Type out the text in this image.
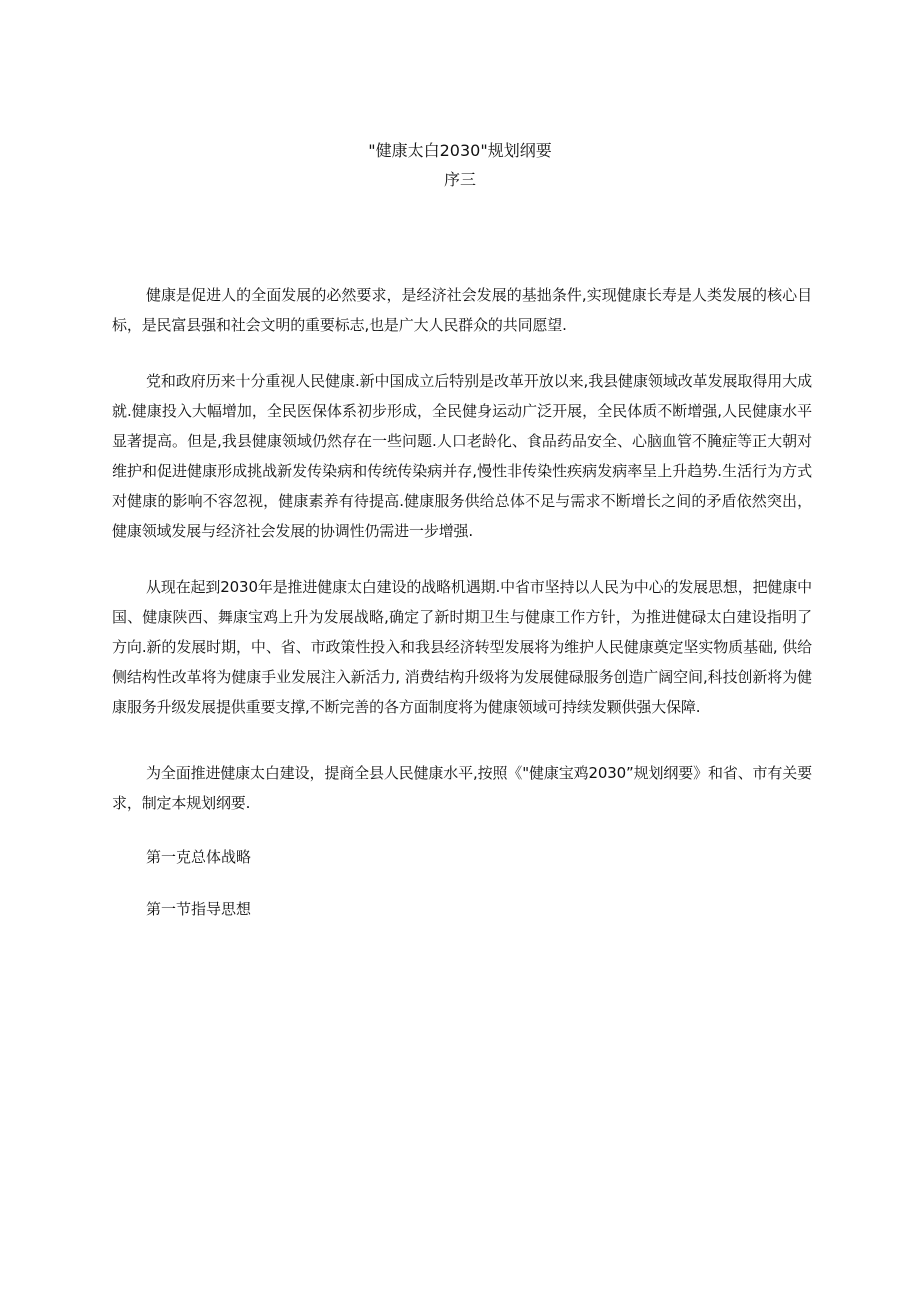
"健康太白2030"规划纲要
序三

健康是促进人的全面发展的必然要求，是经济社会发展的基拙条件,实现健康长寿是人类发展的核心目标，是民富县强和社会文明的重要标志,也是广大人民群众的共同愿望.

党和政府历来十分重视人民健康.新中国成立后特别是改革开放以来,我县健康领域改革发展取得用大成就.健康投入大幅增加，全民医保体系初步形成，全民健身运动广泛开展，全民体质不断增强,人民健康水平显著提高。但是,我县健康领域仍然存在一些问题.人口老龄化、食品药品安全、心脑血管不腌症等正大朝对维护和促进健康形成挑战新发传染病和传统传染病并存,慢性非传染性疾病发病率呈上升趋势.生活行为方式对健康的影响不容忽视，健康素养有待提高.健康服务供给总体不足与需求不断增长之间的矛盾依然突出，健康领域发展与经济社会发展的协调性仍需进一步增强.

从现在起到2030年是推进健康太白建设的战略机遇期.中省市坚持以人民为中心的发展思想，把健康中国、健康陕西、舞康宝鸡上升为发展战略,确定了新时期卫生与健康工作方针，为推进健碌太白建设指明了方向.新的发展时期，中、省、市政策性投入和我县经济转型发展将为维护人民健康奠定坚实物质基础, 供给侧结构性改革将为健康手业发展注入新活力, 消费结构升级将为发展健碌服务创造广阔空间,科技创新将为健康服务升级发展提供重要支撑,不断完善的各方面制度将为健康领域可持续发颗供强大保障.

为全面推进健康太白建设，提商全县人民健康水平,按照《"健康宝鸡2030”规划纲要》和省、市有关要求，制定本规划纲要.

第一克总体战略
第一节指导思想
